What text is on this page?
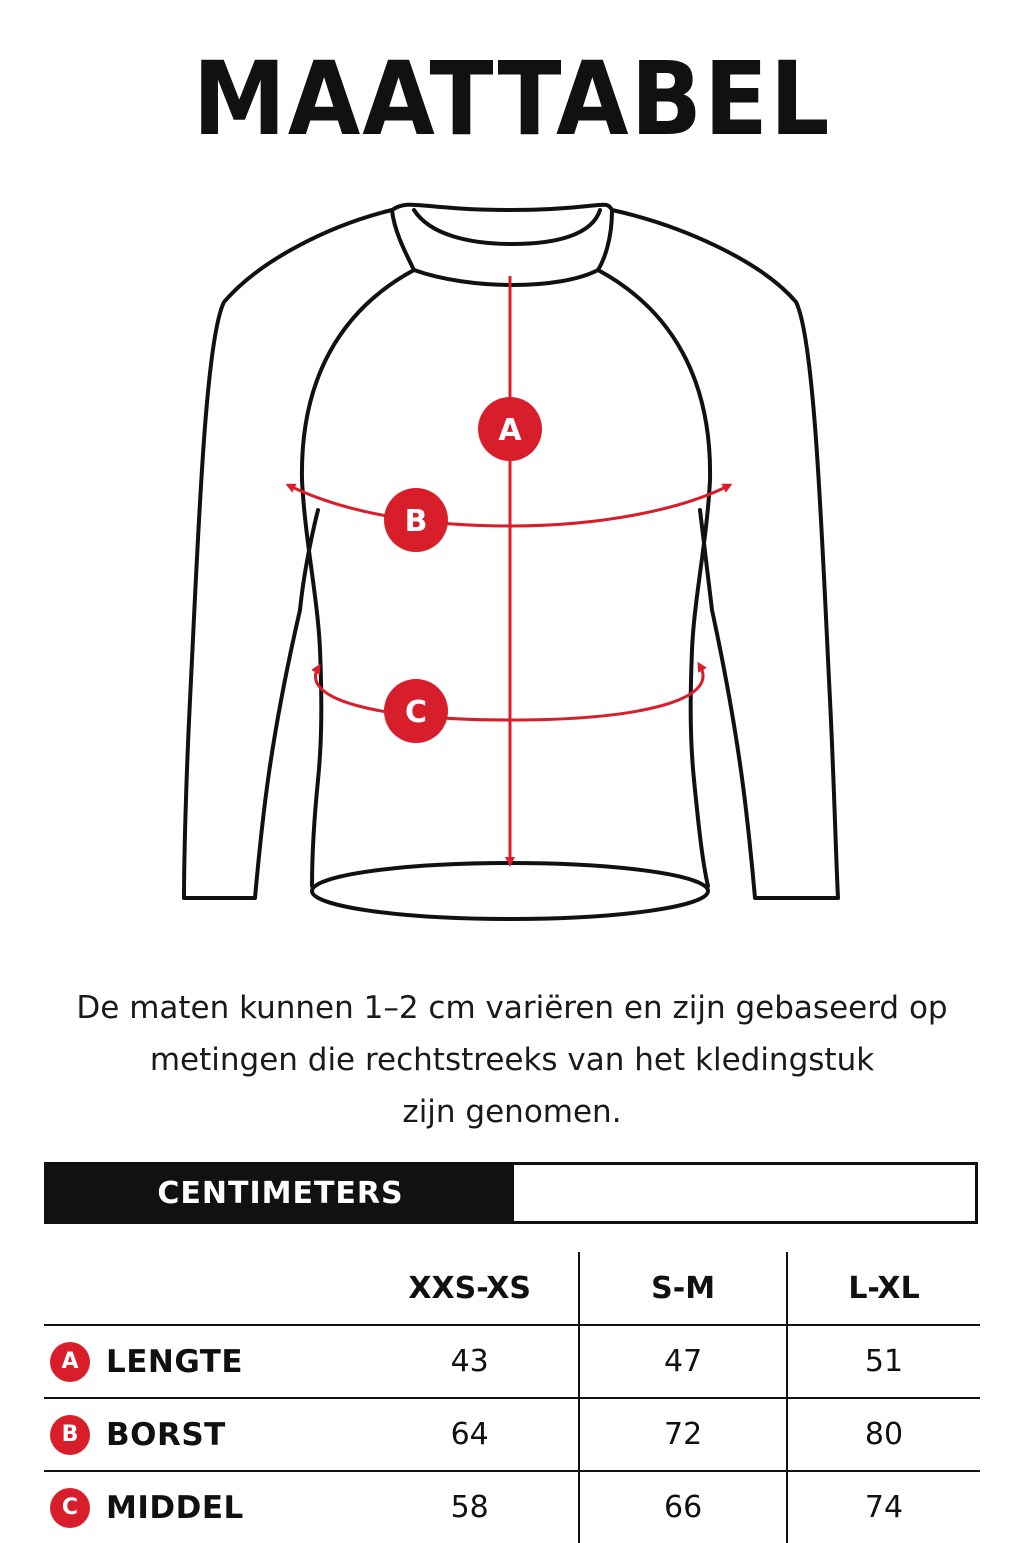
MAATTABEL
A
B
C
De maten kunnen 1–2 cm variëren en zijn gebaseerd op
metingen die rechtstreeks van het kledingstuk
zijn genomen.
CENTIMETERS
	XXS-XS	S-M	L-XL

A LENGTE	43	47	51

B BORST	64	72	80

C MIDDEL	58	66	74
